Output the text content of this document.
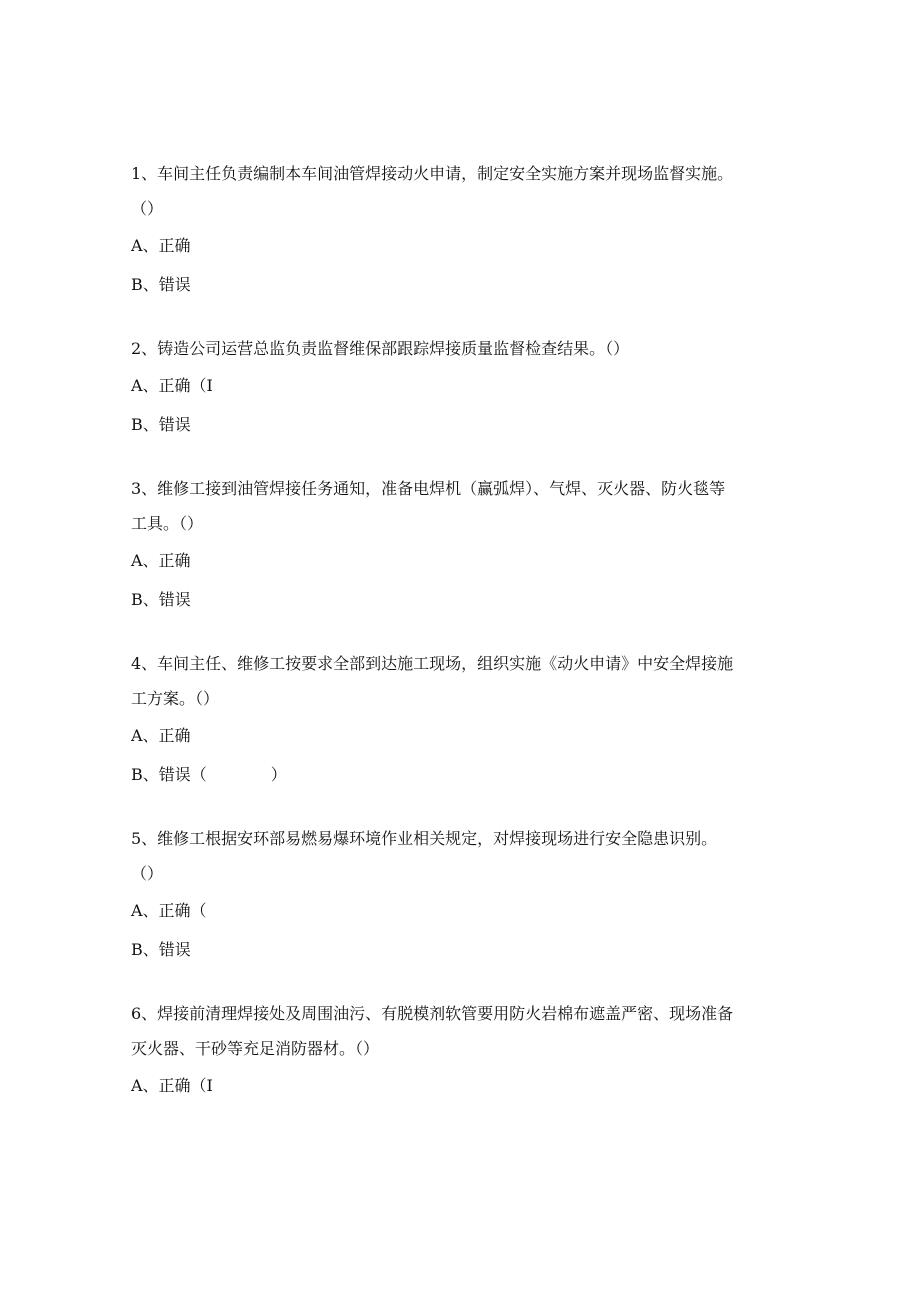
1、车间主任负责编制本车间油管焊接动火申请，制定安全实施方案并现场监督实施。
（）
A、正确
B、错误
2、铸造公司运营总监负责监督维保部跟踪焊接质量监督检查结果。（）
A、正确（I
B、错误
3、维修工接到油管焊接任务通知，准备电焊机（赢弧焊）、气焊、灭火器、防火毯等
工具。（）
A、正确
B、错误
4、车间主任、维修工按要求全部到达施工现场，组织实施《动火申请》中安全焊接施
工方案。（）
A、正确
B、错误（　　　　）
5、维修工根据安环部易燃易爆环境作业相关规定，对焊接现场进行安全隐患识别。
（）
A、正确（
B、错误
6、焊接前清理焊接处及周围油污、有脱模剂软管要用防火岩棉布遮盖严密、现场准备
灭火器、干砂等充足消防器材。（）
A、正确（I
